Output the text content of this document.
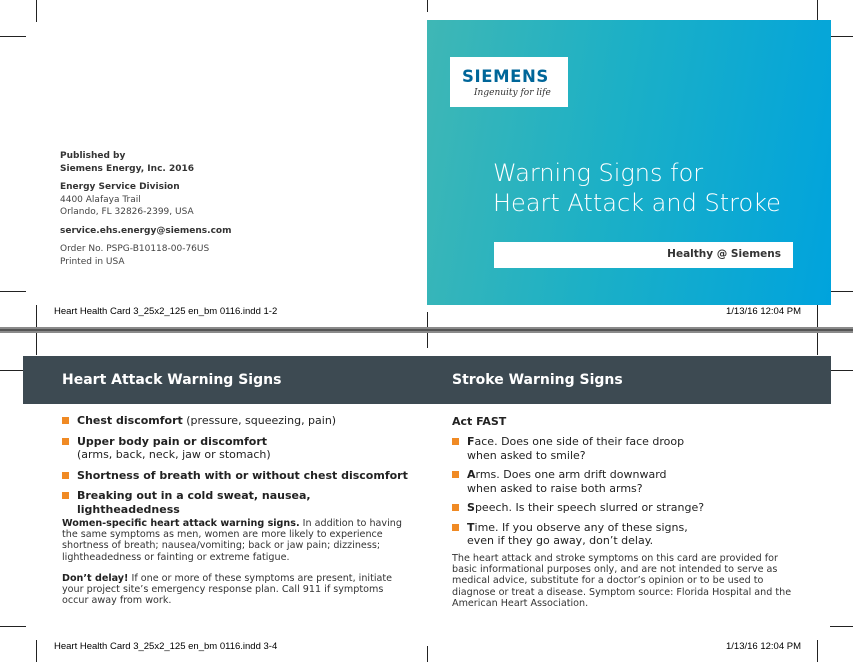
Published by
Siemens Energy, Inc. 2016
Energy Service Division
4400 Alafaya Trail
Orlando, FL 32826-2399, USA
service.ehs.energy@siemens.com
Order No. PSPG-B10118-00-76US
Printed in USA
SIEMENS
Ingenuity for life
Warning Signs for
Heart Attack and Stroke
Healthy @ Siemens
Heart Health Card 3_25x2_125 en_bm 0116.indd 1-2	1/13/16 12:04 PM
Heart Attack Warning Signs	Stroke Warning Signs
Chest discomfort (pressure, squeezing, pain)
Upper body pain or discomfort
(arms, back, neck, jaw or stomach)
Shortness of breath with or without chest discomfort
Breaking out in a cold sweat, nausea, lightheadedness
Women-specific heart attack warning signs. In addition to having the same symptoms as men, women are more likely to experience shortness of breath; nausea/vomiting; back or jaw pain; dizziness; lightheadedness or fainting or extreme fatigue.
Don’t delay! If one or more of these symptoms are present, initiate your project site’s emergency response plan. Call 911 if symptoms occur away from work.
Act FAST
Face. Does one side of their face droop
when asked to smile?
Arms. Does one arm drift downward
when asked to raise both arms?
Speech. Is their speech slurred or strange?
Time. If you observe any of these signs,
even if they go away, don’t delay.
The heart attack and stroke symptoms on this card are provided for basic informational purposes only, and are not intended to serve as medical advice, substitute for a doctor’s opinion or to be used to diagnose or treat a disease. Symptom source: Florida Hospital and the American Heart Association.
Heart Health Card 3_25x2_125 en_bm 0116.indd 3-4	1/13/16 12:04 PM
